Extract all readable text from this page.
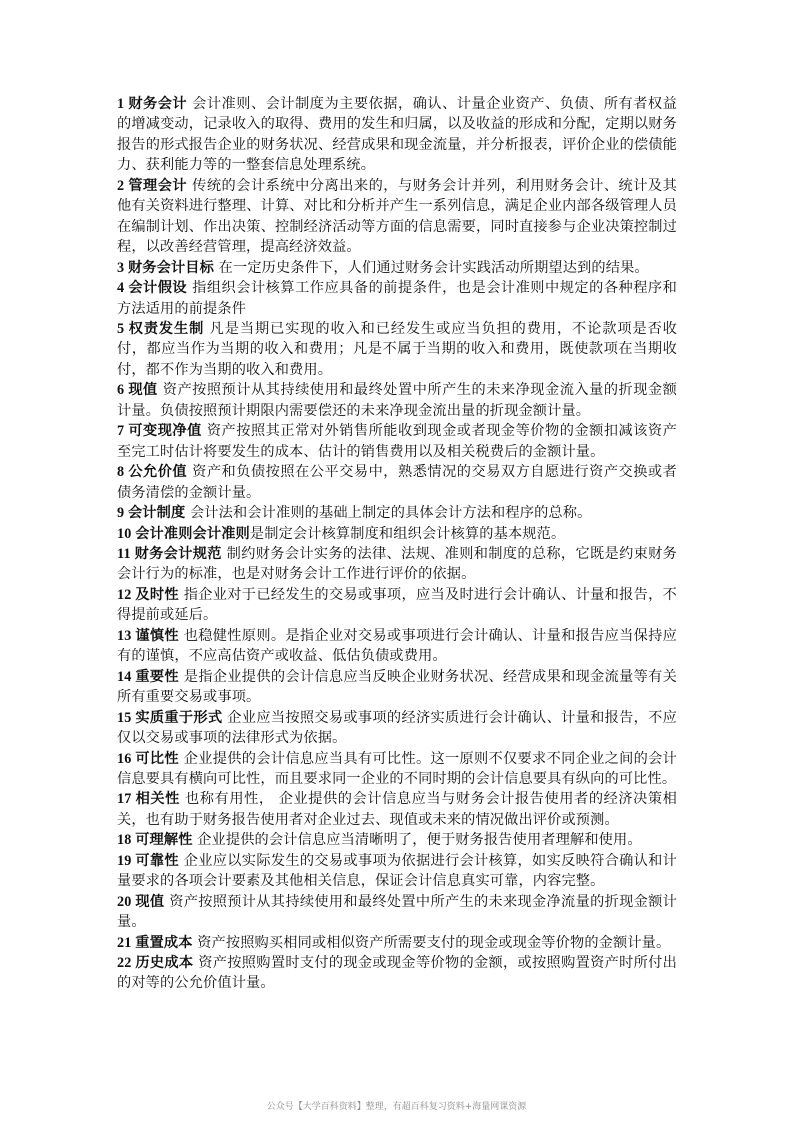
1 财务会计 会计准则、会计制度为主要依据，确认、计量企业资产、负债、所有者权益的增减变动，记录收入的取得、费用的发生和归属，以及收益的形成和分配，定期以财务报告的形式报告企业的财务状况、经营成果和现金流量，并分析报表，评价企业的偿债能力、获利能力等的一整套信息处理系统。

2 管理会计 传统的会计系统中分离出来的，与财务会计并列，利用财务会计、统计及其他有关资料进行整理、计算、对比和分析并产生一系列信息，满足企业内部各级管理人员在编制计划、作出决策、控制经济活动等方面的信息需要，同时直接参与企业决策控制过程，以改善经营管理，提高经济效益。

3 财务会计目标 在一定历史条件下，人们通过财务会计实践活动所期望达到的结果。

4 会计假设 指组织会计核算工作应具备的前提条件，也是会计准则中规定的各种程序和方法适用的前提条件

5 权责发生制 凡是当期已实现的收入和已经发生或应当负担的费用，不论款项是否收付，都应当作为当期的收入和费用；凡是不属于当期的收入和费用，既使款项在当期收付，都不作为当期的收入和费用。

6 现值 资产按照预计从其持续使用和最终处置中所产生的未来净现金流入量的折现金额计量。负债按照预计期限内需要偿还的未来净现金流出量的折现金额计量。

7 可变现净值 资产按照其正常对外销售所能收到现金或者现金等价物的金额扣减该资产至完工时估计将要发生的成本、估计的销售费用以及相关税费后的金额计量。

8 公允价值 资产和负债按照在公平交易中，熟悉情况的交易双方自愿进行资产交换或者债务清偿的金额计量。

9 会计制度 会计法和会计准则的基础上制定的具体会计方法和程序的总称。

10 会计准则会计准则是制定会计核算制度和组织会计核算的基本规范。

11 财务会计规范 制约财务会计实务的法律、法规、准则和制度的总称，它既是约束财务会计行为的标准，也是对财务会计工作进行评价的依据。

12 及时性 指企业对于已经发生的交易或事项，应当及时进行会计确认、计量和报告，不得提前或延后。

13 谨慎性 也稳健性原则。是指企业对交易或事项进行会计确认、计量和报告应当保持应有的谨慎，不应高估资产或收益、低估负债或费用。

14 重要性 是指企业提供的会计信息应当反映企业财务状况、经营成果和现金流量等有关所有重要交易或事项。

15 实质重于形式 企业应当按照交易或事项的经济实质进行会计确认、计量和报告，不应仅以交易或事项的法律形式为依据。

16 可比性 企业提供的会计信息应当具有可比性。这一原则不仅要求不同企业之间的会计信息要具有横向可比性，而且要求同一企业的不同时期的会计信息要具有纵向的可比性。

17 相关性 也称有用性， 企业提供的会计信息应当与财务会计报告使用者的经济决策相关，也有助于财务报告使用者对企业过去、现值或未来的情况做出评价或预测。

18 可理解性 企业提供的会计信息应当清晰明了，便于财务报告使用者理解和使用。

19 可靠性 企业应以实际发生的交易或事项为依据进行会计核算，如实反映符合确认和计量要求的各项会计要素及其他相关信息，保证会计信息真实可靠，内容完整。

20 现值 资产按照预计从其持续使用和最终处置中所产生的未来现金净流量的折现金额计量。

21 重置成本 资产按照购买相同或相似资产所需要支付的现金或现金等价物的金额计量。

22 历史成本 资产按照购置时支付的现金或现金等价物的金额，或按照购置资产时所付出的对等的公允价值计量。

公众号【大学百科资料】整理，有超百科复习资料+海量网课资源
